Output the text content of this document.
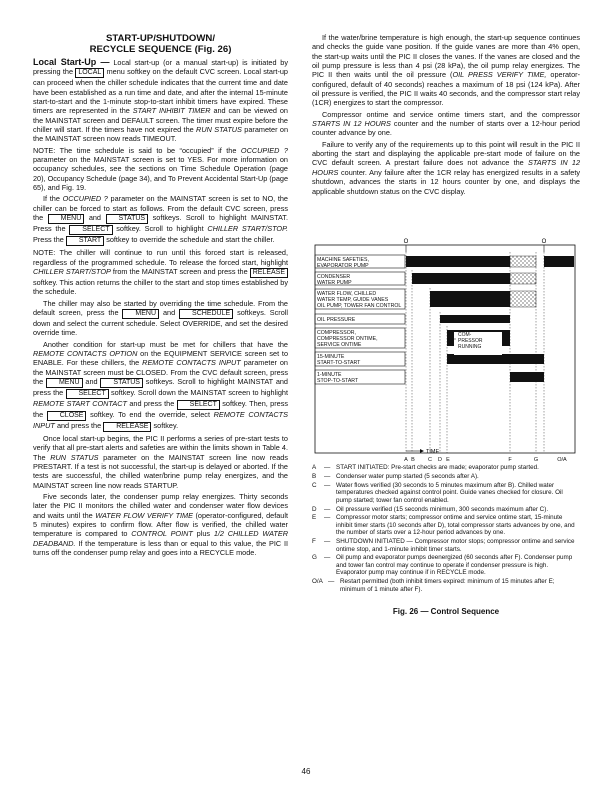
START-UP/SHUTDOWN/
RECYCLE SEQUENCE (Fig. 26)

Local Start-Up — Local start-up (or a manual start-up) is initiated by pressing the LOCAL menu softkey on the default CVC screen. Local start-up can proceed when the chiller schedule indicates that the current time and date have been established as a run time and date, and after the internal 15-minute start-to-start and the 1-minute stop-to-start inhibit timers have expired. These timers are represented in the START INHIBIT TIMER and can be viewed on the MAINSTAT screen and DEFAULT screen. The timer must expire before the chiller will start. If the timers have not expired the RUN STATUS parameter on the MAINSTAT screen now reads TIMEOUT.

NOTE: The time schedule is said to be “occupied” if the OCCUPIED ? parameter on the MAINSTAT screen is set to YES. For more information on occupancy schedules, see the sections on Time Schedule Operation (page 20), Occupancy Schedule (page 34), and To Prevent Accidental Start-Up (page 65), and Fig. 19.

If the OCCUPIED ? parameter on the MAINSTAT screen is set to NO, the chiller can be forced to start as follows. From the default CVC screen, press the	MENU and	STATUS softkeys. Scroll to highlight MAINSTAT. Press the SELECT softkey. Scroll to highlight CHILLER START/STOP. Press the START softkey to override the schedule and start the chiller.

NOTE: The chiller will continue to run until this forced start is released, regardless of the programmed schedule. To release the forced start, highlight CHILLER START/STOP from the MAINSTAT screen and press the RELEASE softkey. This action returns the chiller to the start and stop times established by the schedule.

The chiller may also be started by overriding the time schedule. From the default screen, press the MENU and SCHEDULE softkeys. Scroll down and select the current schedule. Select OVERRIDE, and set the desired override time.

Another condition for start-up must be met for chillers that have the REMOTE CONTACTS OPTION on the EQUIPMENT SERVICE screen set to ENABLE. For these chillers, the REMOTE CONTACTS INPUT parameter on the MAINSTAT screen must be CLOSED. From the CVC default screen, press the MENU and STATUS softkeys. Scroll to highlight MAINSTAT and press the SELECT softkey. Scroll down the MAINSTAT screen to highlight REMOTE START CONTACT and press the SELECT softkey. Then, press the CLOSE softkey. To end the override, select REMOTE CONTACTS INPUT and press the RELEASE softkey.

Once local start-up begins, the PIC II performs a series of pre-start tests to verify that all pre-start alerts and safeties are within the limits shown in Table 4. The RUN STATUS parameter on the MAINSTAT screen line now reads PRESTART. If a test is not successful, the start-up is delayed or aborted. If the tests are successful, the chilled water/brine pump relay energizes, and the MAINSTAT screen line now reads STARTUP.

Five seconds later, the condenser pump relay energizes. Thirty seconds later the PIC II monitors the chilled water and condenser water flow devices and waits until the WATER FLOW VERIFY TIME (operator-configured, default 5 minutes) expires to confirm flow. After flow is verified, the chilled water temperature is compared to CONTROL POINT plus 1/2 CHILLED WATER DEADBAND. If the temperature is less than or equal to this value, the PIC II turns off the condenser pump relay and goes into a RECYCLE mode.

If the water/brine temperature is high enough, the start-up sequence continues and checks the guide vane position. If the guide vanes are more than 4% open, the start-up waits until the PIC II closes the vanes. If the vanes are closed and the oil pump pressure is less than 4 psi (28 kPa), the oil pump relay energizes. The PIC II then waits until the oil pressure (OIL PRESS VERIFY TIME, operator-configured, default of 40 seconds) reaches a maximum of 18 psi (124 kPa). After oil pressure is verified, the PIC II waits 40 seconds, and the compressor start relay (1CR) energizes to start the compressor.

Compressor ontime and service ontime timers start, and the compressor STARTS IN 12 HOURS counter and the number of starts over a 12-hour period counter advance by one.

Failure to verify any of the requirements up to this point will result in the PIC II aborting the start and displaying the applicable pre-start mode of failure on the CVC default screen. A prestart failure does not advance the STARTS IN 12 HOURS counter. Any failure after the 1CR relay has energized results in a safety shutdown, advances the starts in 12 hours counter by one, and displays the applicable shutdown status on the CVC display.

O	O
MACHINE SAFETIES,
EVAPORATOR PUMP
CONDENSER
WATER PUMP
WATER FLOW, CHILLED
WATER TEMP, GUIDE VANES
OIL PUMP, TOWER FAN CONTROL
OIL PRESSURE
COMPRESSOR,
COMPRESSOR ONTIME,
SERVICE ONTIME
15-MINUTE
START-TO-START
1-MINUTE
STOP-TO-START
COM-
PRESSOR
RUNNING
TIME
A B C D E	F	G	O/A
A	— START INITIATED: Pre-start checks are made; evaporator pump started.
B	— Condenser water pump started (5 seconds after A).
C	— Water flows verified (30 seconds to 5 minutes maximum after B). Chilled water temperatures checked against control point. Guide vanes checked for closure. Oil pump started; tower fan control enabled.
D	— Oil pressure verified (15 seconds minimum, 300 seconds maximum after C).
E	— Compressor motor starts; compressor ontime and service ontime start, 15-minute inhibit timer starts (10 seconds after D), total compressor starts advances by one, and the number of starts over a 12-hour period advances by one.
F	— SHUTDOWN INITIATED — Compressor motor stops; compressor ontime and service ontime stop, and 1-minute inhibit timer starts.
G	— Oil pump and evaporator pumps deenergized (60 seconds after F). Condenser pump and tower fan control may continue to operate if condenser pressure is high. Evaporator pump may continue if in RECYCLE mode.
O/A — Restart permitted (both inhibit timers expired: minimum of 15 minutes after E; minimum of 1 minute after F).
Fig. 26 — Control Sequence
46
